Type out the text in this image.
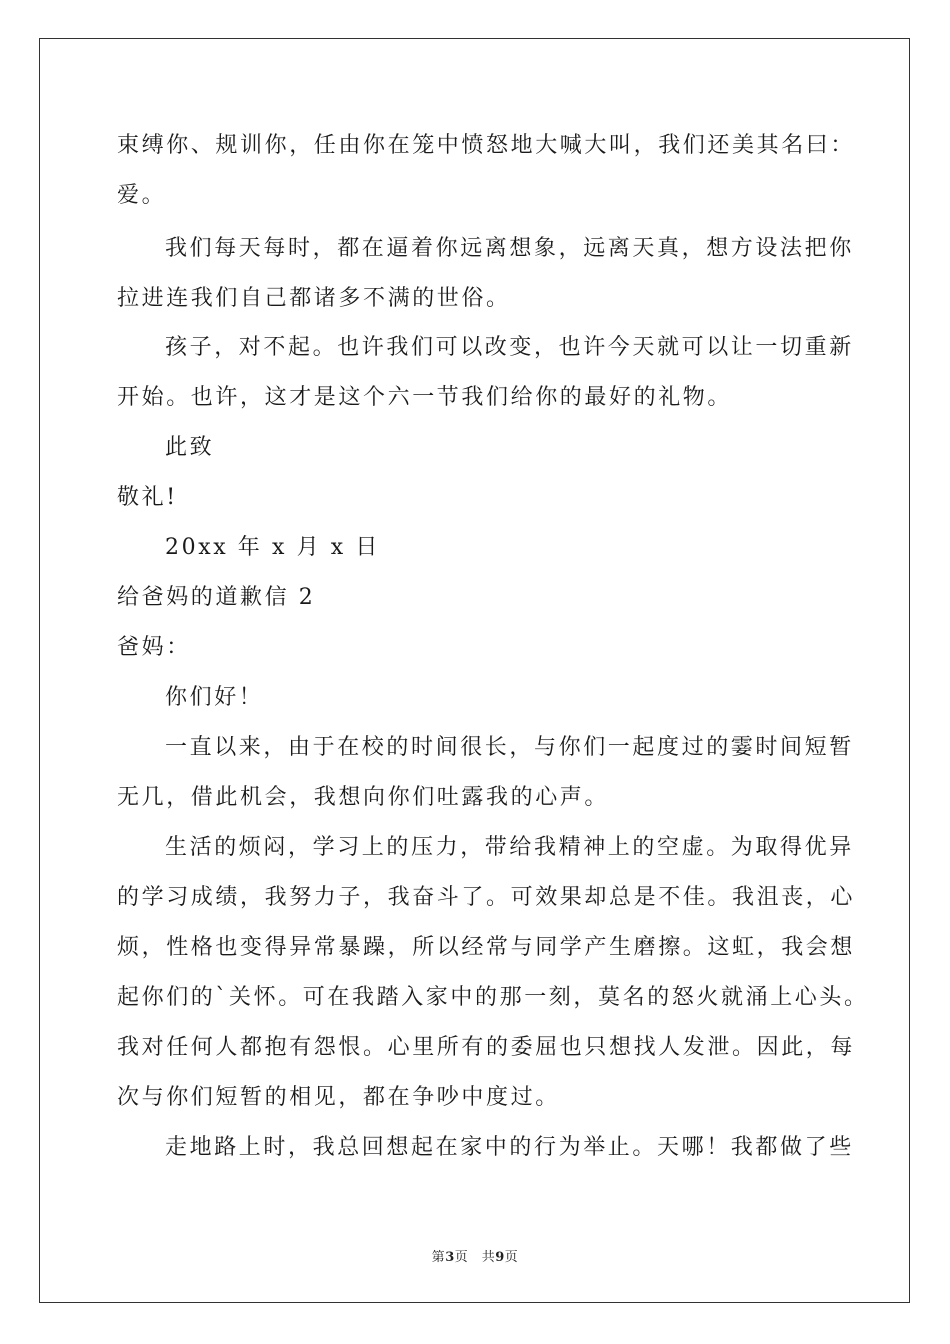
束缚你、规训你，任由你在笼中愤怒地大喊大叫，我们还美其名曰：
爱。
我们每天每时，都在逼着你远离想象，远离天真，想方设法把你
拉进连我们自己都诸多不满的世俗。
孩子，对不起。也许我们可以改变，也许今天就可以让一切重新
开始。也许，这才是这个六一节我们给你的最好的礼物。
此致
敬礼!
20xx 年 x 月 x 日
给爸妈的道歉信 2
爸妈：
你们好！
一直以来，由于在校的时间很长，与你们一起度过的霎时间短暂
无几，借此机会，我想向你们吐露我的心声。
生活的烦闷，学习上的压力，带给我精神上的空虚。为取得优异
的学习成绩，我努力子，我奋斗了。可效果却总是不佳。我沮丧，心
烦，性格也变得异常暴躁，所以经常与同学产生磨擦。这虹，我会想
起你们的`关怀。可在我踏入家中的那一刻，莫名的怒火就涌上心头。
我对任何人都抱有怨恨。心里所有的委屈也只想找人发泄。因此，每
次与你们短暂的相见，都在争吵中度过。
走地路上时，我总回想起在家中的行为举止。天哪！我都做了些
第3页　共9页
